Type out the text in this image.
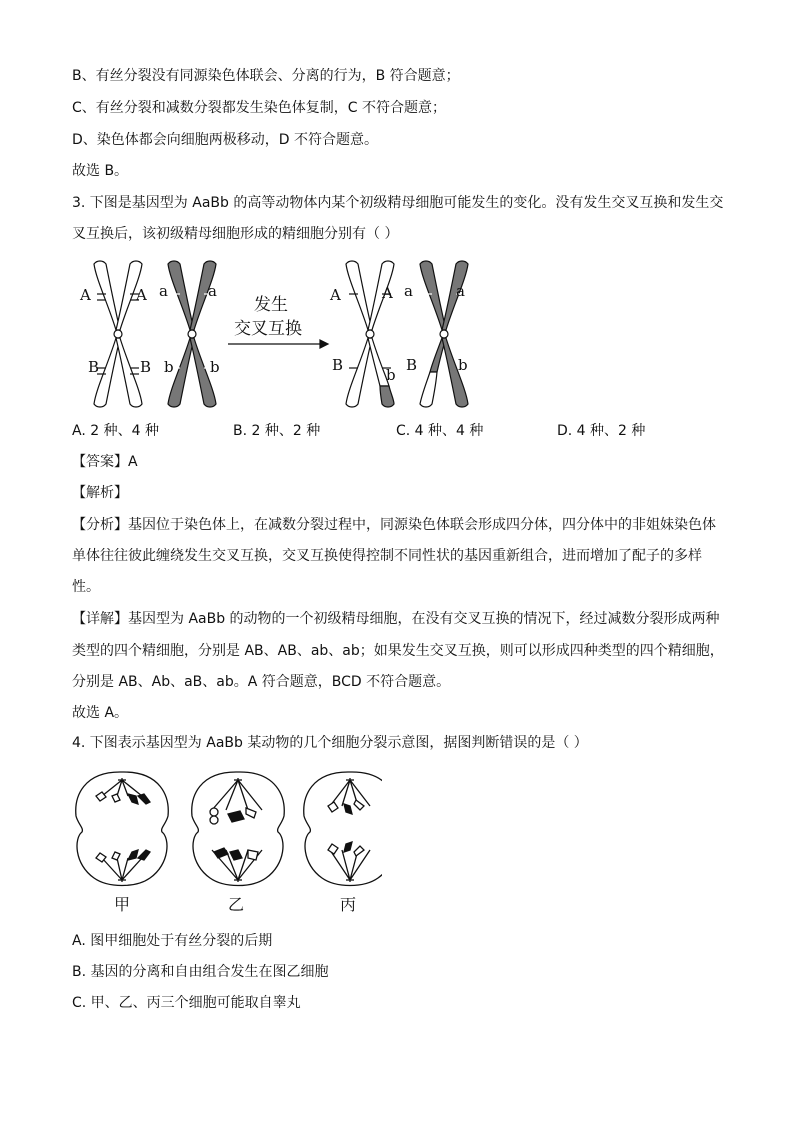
B、有丝分裂没有同源染色体联会、分离的行为，B 符合题意；
C、有丝分裂和减数分裂都发生染色体复制，C 不符合题意；
D、染色体都会向细胞两极移动，D 不符合题意。
故选 B。
3. 下图是基因型为 AaBb 的高等动物体内某个初级精母细胞可能发生的变化。没有发生交叉互换和发生交
叉互换后，该初级精母细胞形成的精细胞分别有（ ）
A	A
B	B
a	a
b b
发生
交叉互换
A	A
B
b
a	a
B	b
A. 2 种、4 种	B. 2 种、2 种	C. 4 种、4 种	D. 4 种、2 种
【答案】A
【解析】
【分析】基因位于染色体上，在减数分裂过程中，同源染色体联会形成四分体，四分体中的非姐妹染色体
单体往往彼此缠绕发生交叉互换，交叉互换使得控制不同性状的基因重新组合，进而增加了配子的多样
性。
【详解】基因型为 AaBb 的动物的一个初级精母细胞，在没有交叉互换的情况下，经过减数分裂形成两种
类型的四个精细胞，分别是 AB、AB、ab、ab；如果发生交叉互换，则可以形成四种类型的四个精细胞，
分别是 AB、Ab、aB、ab。A 符合题意，BCD 不符合题意。
故选 A。
4. 下图表示基因型为 AaBb 某动物的几个细胞分裂示意图，据图判断错误的是（ ）
甲	乙	丙
A. 图甲细胞处于有丝分裂的后期
B. 基因的分离和自由组合发生在图乙细胞
C. 甲、乙、丙三个细胞可能取自睾丸
